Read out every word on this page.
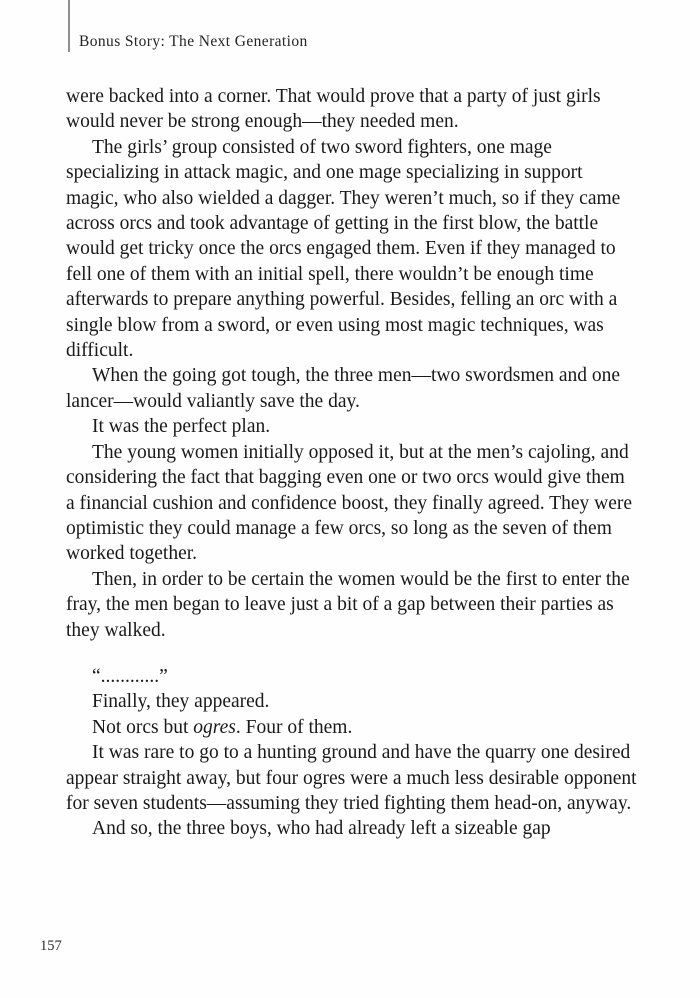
Bonus Story: The Next Generation

were backed into a corner. That would prove that a party of just girls would never be strong enough—they needed men.

The girls’ group consisted of two sword fighters, one mage specializing in attack magic, and one mage specializing in support magic, who also wielded a dagger. They weren’t much, so if they came across orcs and took advantage of getting in the first blow, the battle would get tricky once the orcs engaged them. Even if they managed to fell one of them with an initial spell, there wouldn’t be enough time afterwards to prepare anything powerful. Besides, felling an orc with a single blow from a sword, or even using most magic techniques, was difficult.

When the going got tough, the three men—two swordsmen and one lancer—would valiantly save the day.

It was the perfect plan.

The young women initially opposed it, but at the men’s cajoling, and considering the fact that bagging even one or two orcs would give them a financial cushion and confidence boost, they finally agreed. They were optimistic they could manage a few orcs, so long as the seven of them worked together.

Then, in order to be certain the women would be the first to enter the fray, the men began to leave just a bit of a gap between their parties as they walked.

“............”

Finally, they appeared.

Not orcs but ogres. Four of them.

It was rare to go to a hunting ground and have the quarry one desired appear straight away, but four ogres were a much less desirable opponent for seven students—assuming they tried fighting them head-on, anyway.

And so, the three boys, who had already left a sizeable gap

157
